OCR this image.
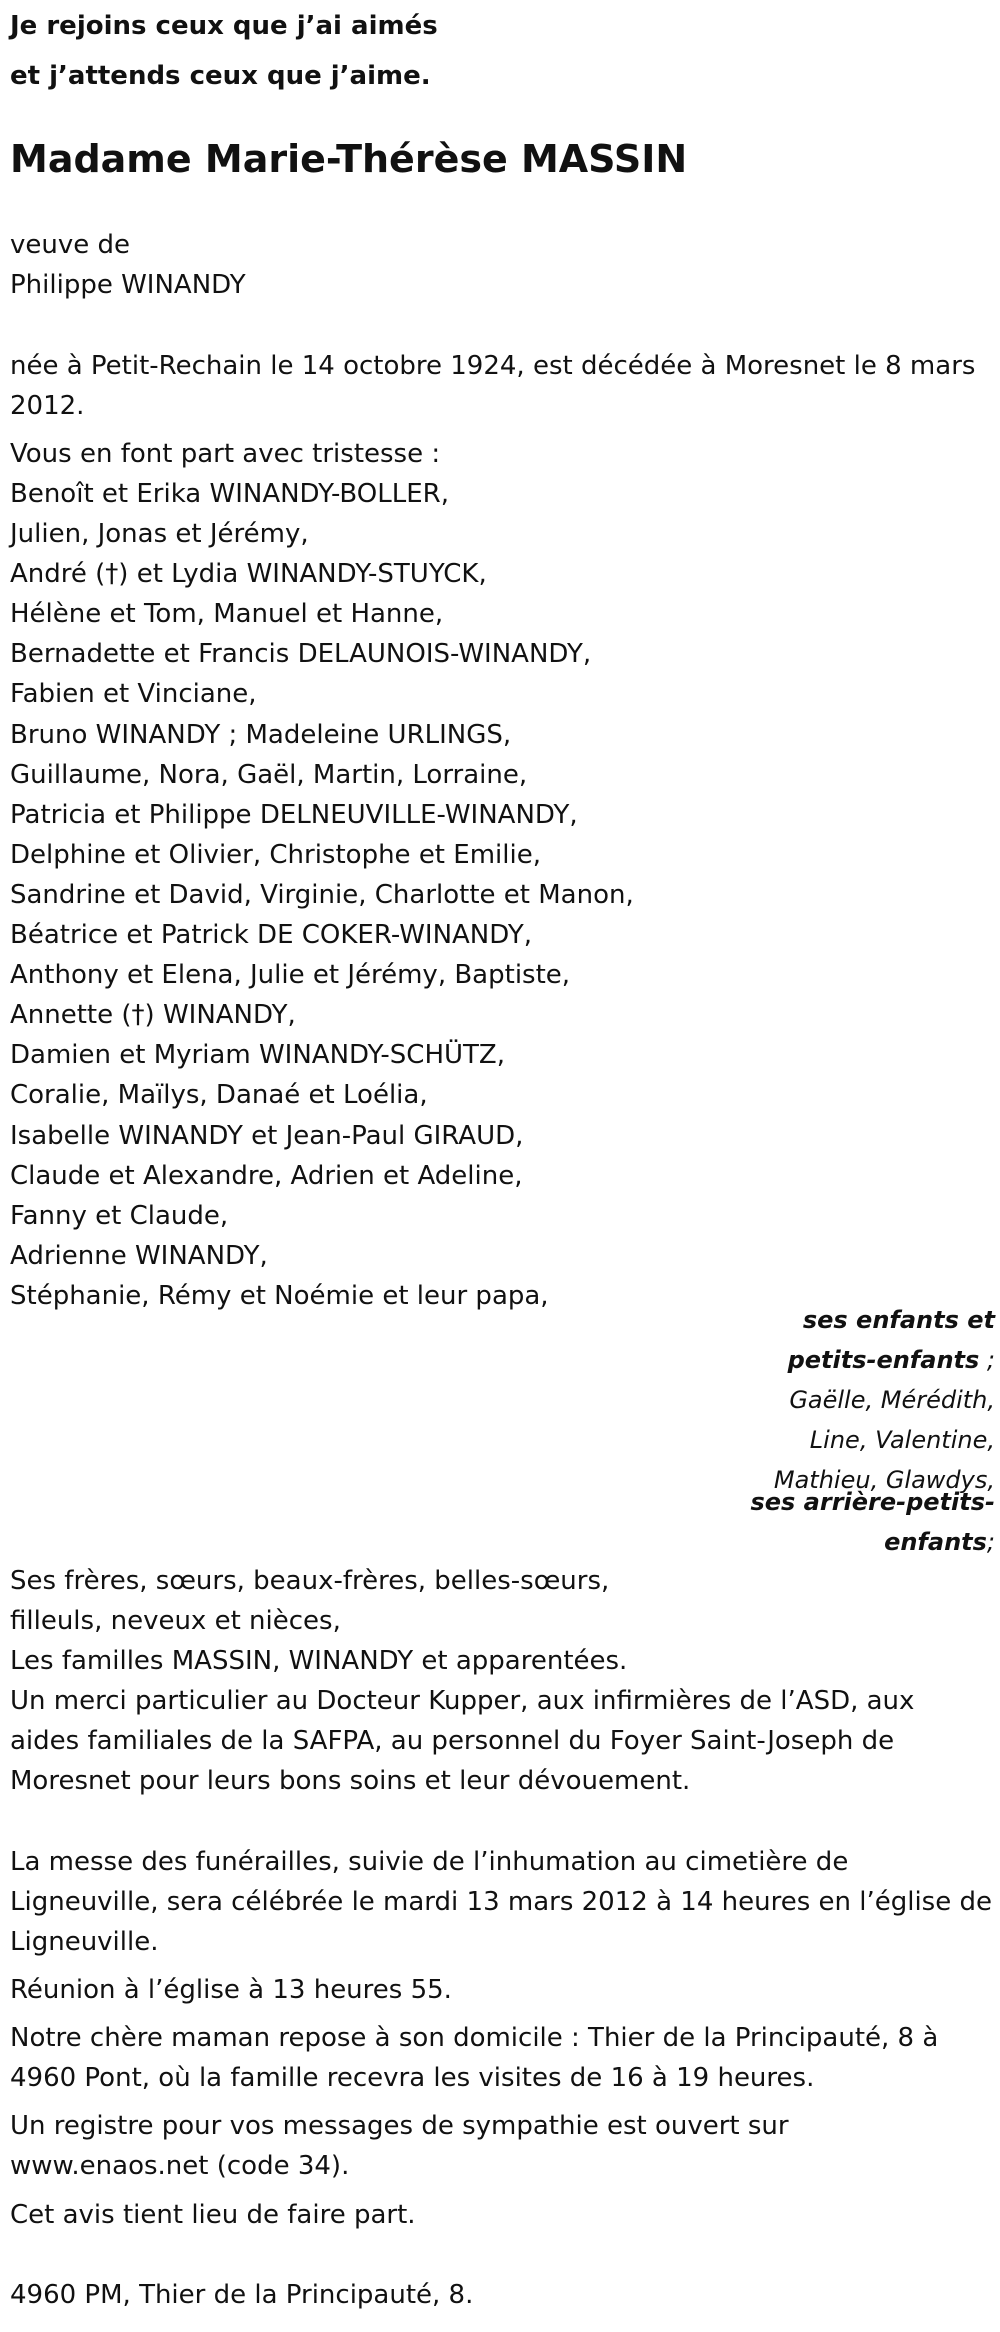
Je rejoins ceux que j’ai aimés

et j’attends ceux que j’aime.

Madame Marie-Thérèse MASSIN

veuve de

Philippe WINANDY

née à Petit-Rechain le 14 octobre 1924, est décédée à Moresnet le 8 mars

2012.

Vous en font part avec tristesse :

Benoît et Erika WINANDY-BOLLER,
Julien, Jonas et Jérémy,
André (†) et Lydia WINANDY-STUYCK,
Hélène et Tom, Manuel et Hanne,
Bernadette et Francis DELAUNOIS-WINANDY,
Fabien et Vinciane,
Bruno WINANDY ; Madeleine URLINGS,
Guillaume, Nora, Gaël, Martin, Lorraine,
Patricia et Philippe DELNEUVILLE-WINANDY,
Delphine et Olivier, Christophe et Emilie,
Sandrine et David, Virginie, Charlotte et Manon,
Béatrice et Patrick DE COKER-WINANDY,
Anthony et Elena, Julie et Jérémy, Baptiste,
Annette (†) WINANDY,
Damien et Myriam WINANDY-SCHÜTZ,
Coralie, Maïlys, Danaé et Loélia,
Isabelle WINANDY et Jean-Paul GIRAUD,
Claude et Alexandre, Adrien et Adeline,
Fanny et Claude,
Adrienne WINANDY,
Stéphanie, Rémy et Noémie et leur papa,
ses enfants et
petits-enfants ;
Gaëlle, Mérédith,
Line, Valentine,
Mathieu, Glawdys,
ses arrière-petits-
enfants;

Ses frères, sœurs, beaux-frères, belles-sœurs,

filleuls, neveux et nièces,

Les familles MASSIN, WINANDY et apparentées.

Un merci particulier au Docteur Kupper, aux infirmières de l’ASD, aux

aides familiales de la SAFPA, au personnel du Foyer Saint-Joseph de

Moresnet pour leurs bons soins et leur dévouement.

La messe des funérailles, suivie de l’inhumation au cimetière de

Ligneuville, sera célébrée le mardi 13 mars 2012 à 14 heures en l’église de

Ligneuville.

Réunion à l’église à 13 heures 55.

Notre chère maman repose à son domicile : Thier de la Principauté, 8 à

4960 Pont, où la famille recevra les visites de 16 à 19 heures.

Un registre pour vos messages de sympathie est ouvert sur

www.enaos.net (code 34).

Cet avis tient lieu de faire part.

4960 PM, Thier de la Principauté, 8.
